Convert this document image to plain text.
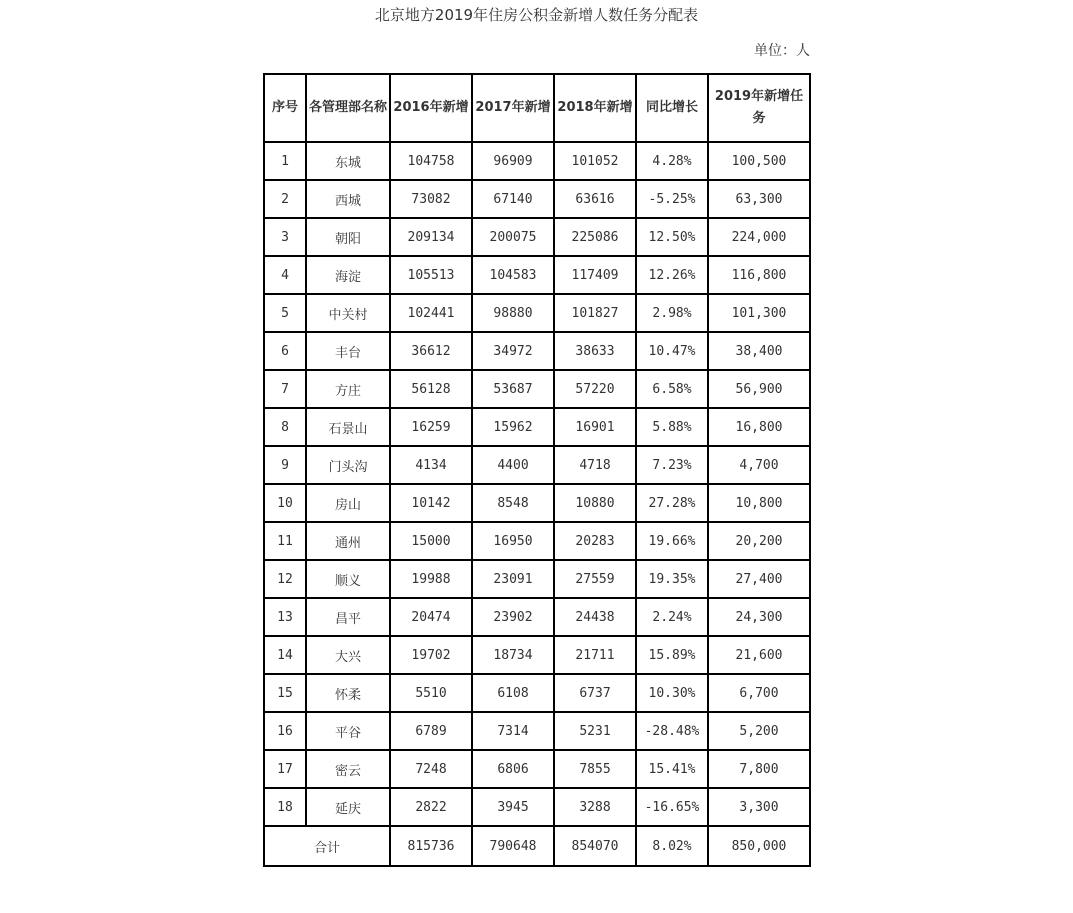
北京地方2019年住房公积金新增人数任务分配表
单位：人
序号	各管理部名称	2016年新增	2017年新增	2018年新增	同比增长	2019年新增任务
1	东城	104758	96909	101052	4.28%	100,500
2	西城	73082	67140	63616	-5.25%	63,300
3	朝阳	209134	200075	225086	12.50%	224,000
4	海淀	105513	104583	117409	12.26%	116,800
5	中关村	102441	98880	101827	2.98%	101,300
6	丰台	36612	34972	38633	10.47%	38,400
7	方庄	56128	53687	57220	6.58%	56,900
8	石景山	16259	15962	16901	5.88%	16,800
9	门头沟	4134	4400	4718	7.23%	4,700
10	房山	10142	8548	10880	27.28%	10,800
11	通州	15000	16950	20283	19.66%	20,200
12	顺义	19988	23091	27559	19.35%	27,400
13	昌平	20474	23902	24438	2.24%	24,300
14	大兴	19702	18734	21711	15.89%	21,600
15	怀柔	5510	6108	6737	10.30%	6,700
16	平谷	6789	7314	5231	-28.48%	5,200
17	密云	7248	6806	7855	15.41%	7,800
18	延庆	2822	3945	3288	-16.65%	3,300
合计		815736	790648	854070	8.02%	850,000
